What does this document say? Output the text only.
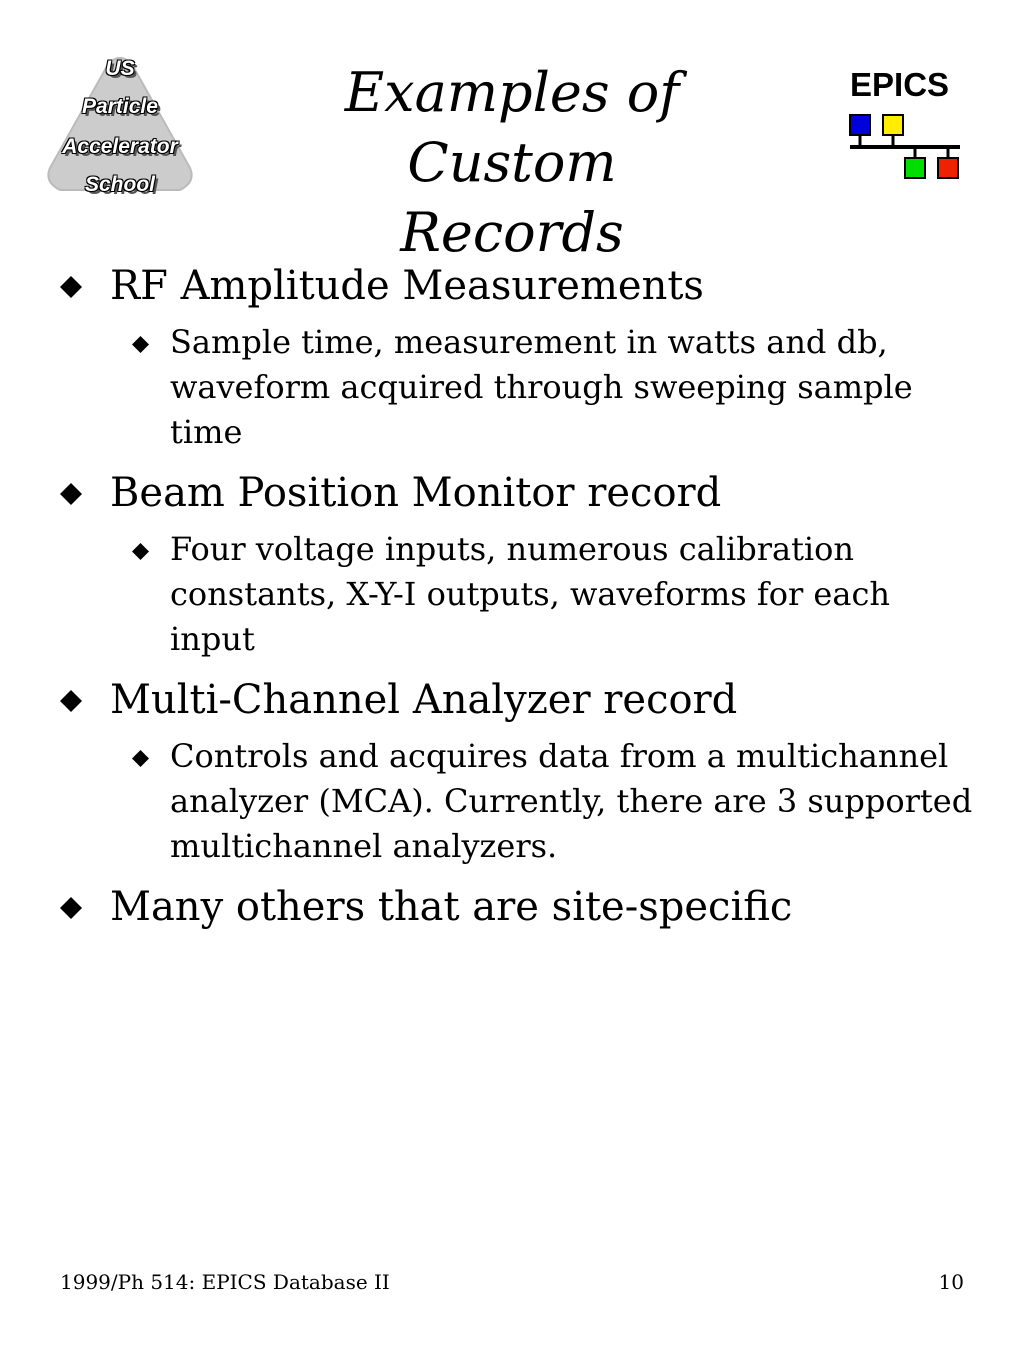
US
Particle
Accelerator
School
Examples of Custom
Records
EPICS
RF Amplitude Measurements
Sample time, measurement in watts and db, waveform acquired through sweeping sample time
Beam Position Monitor record
Four voltage inputs, numerous calibration constants, X-Y-I outputs, waveforms for each input
Multi-Channel Analyzer record
Controls and acquires data from a multichannel analyzer (MCA). Currently, there are 3 supported multichannel analyzers.
Many others that are site-specific
1999/Ph 514: EPICS Database II	10
